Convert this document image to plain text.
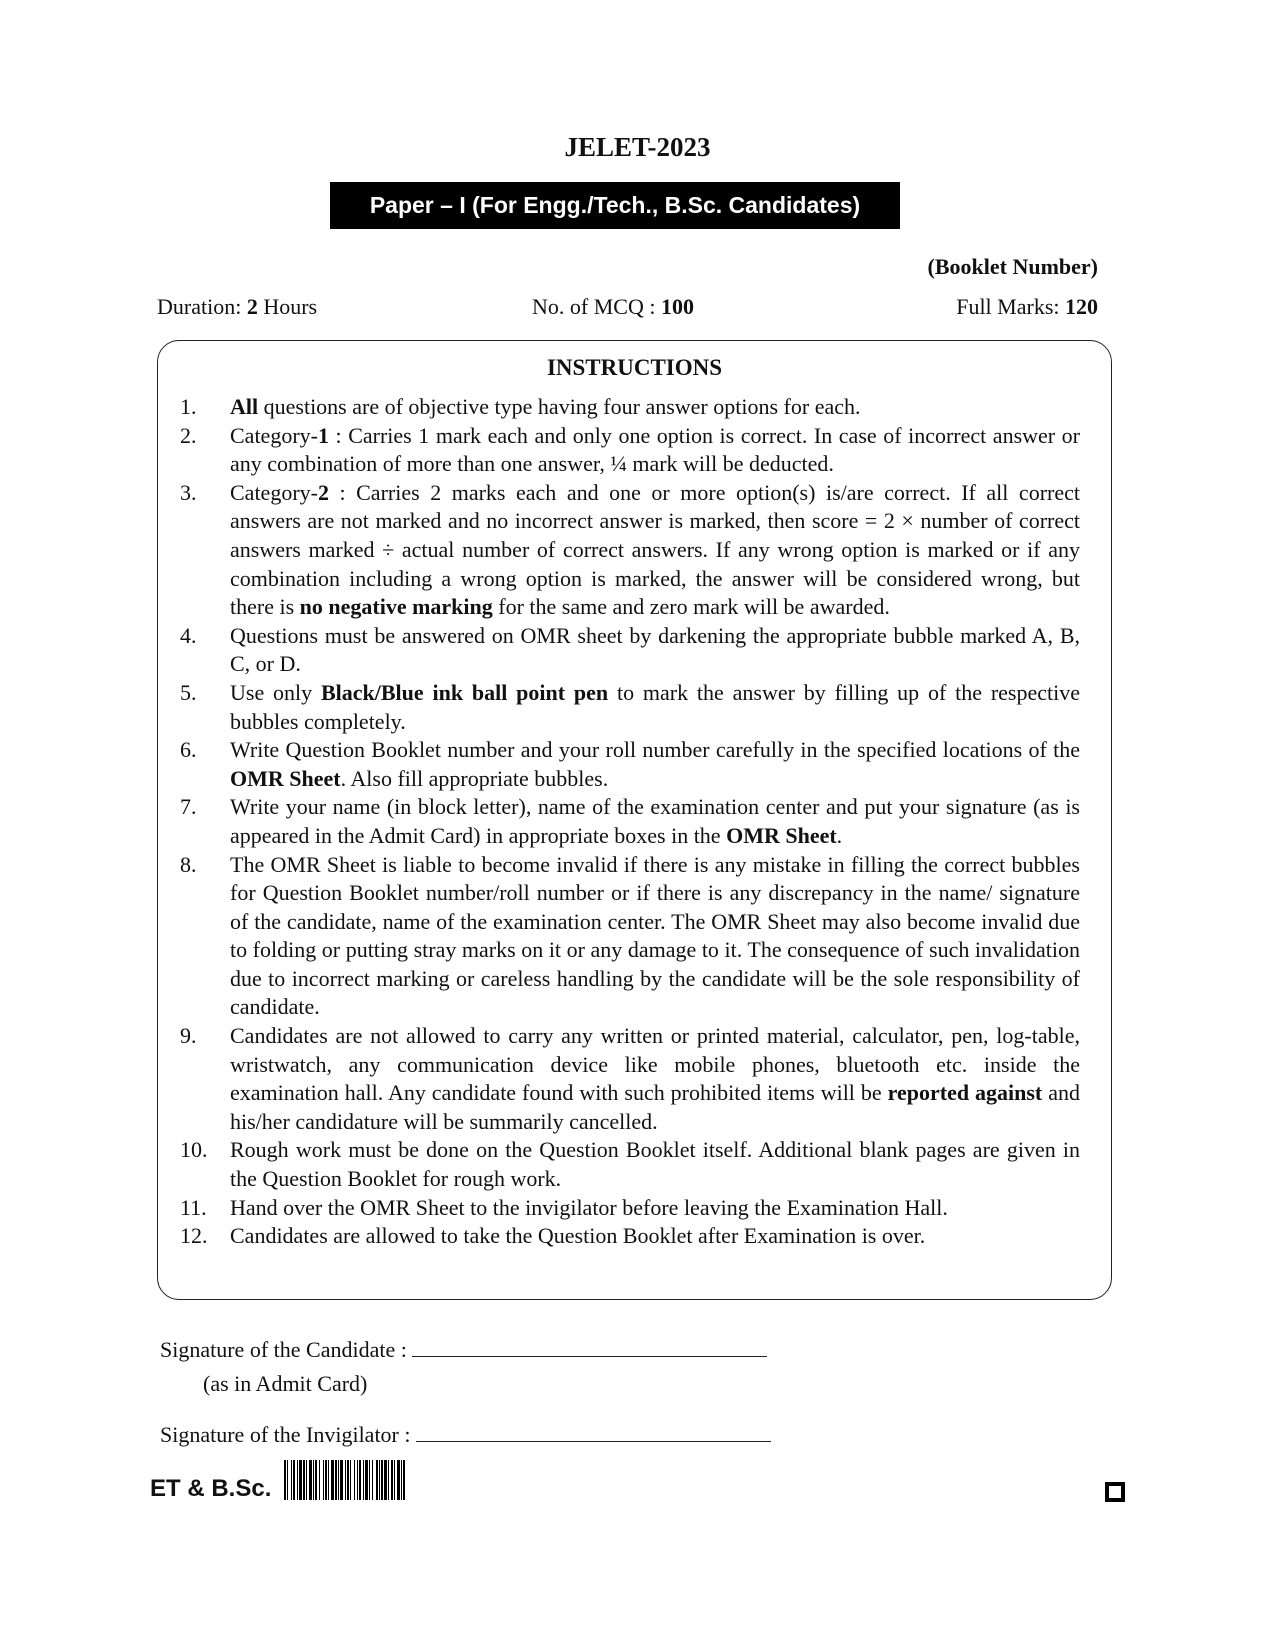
JELET-2023
Paper – I (For Engg./Tech., B.Sc. Candidates)
(Booklet Number)
Duration: 2 Hours	No. of MCQ : 100	Full Marks: 120
INSTRUCTIONS
1.	All questions are of objective type having four answer options for each.
2.	Category-1 : Carries 1 mark each and only one option is correct. In case of incorrect answer or any combination of more than one answer, ¼ mark will be deducted.
3.	Category-2 : Carries 2 marks each and one or more option(s) is/are correct. If all correct answers are not marked and no incorrect answer is marked, then score = 2 × number of correct answers marked ÷ actual number of correct answers. If any wrong option is marked or if any combination including a wrong option is marked, the answer will be considered wrong, but there is no negative marking for the same and zero mark will be awarded.
4.	Questions must be answered on OMR sheet by darkening the appropriate bubble marked A, B, C, or D.
5.	Use only Black/Blue ink ball point pen to mark the answer by filling up of the respective bubbles completely.
6.	Write Question Booklet number and your roll number carefully in the specified locations of the OMR Sheet. Also fill appropriate bubbles.
7.	Write your name (in block letter), name of the examination center and put your signature (as is appeared in the Admit Card) in appropriate boxes in the OMR Sheet.
8.	The OMR Sheet is liable to become invalid if there is any mistake in filling the correct bubbles for Question Booklet number/roll number or if there is any discrepancy in the name/ signature of the candidate, name of the examination center. The OMR Sheet may also become invalid due to folding or putting stray marks on it or any damage to it. The consequence of such invalidation due to incorrect marking or careless handling by the candidate will be the sole responsibility of candidate.
9.	Candidates are not allowed to carry any written or printed material, calculator, pen, log-table, wristwatch, any communication device like mobile phones, bluetooth etc. inside the examination hall. Any candidate found with such prohibited items will be reported against and his/her candidature will be summarily cancelled.
10.	Rough work must be done on the Question Booklet itself. Additional blank pages are given in the Question Booklet for rough work.
11.	Hand over the OMR Sheet to the invigilator before leaving the Examination Hall.
12.	Candidates are allowed to take the Question Booklet after Examination is over.
Signature of the Candidate :
(as in Admit Card)
Signature of the Invigilator :
ET & B.Sc.
